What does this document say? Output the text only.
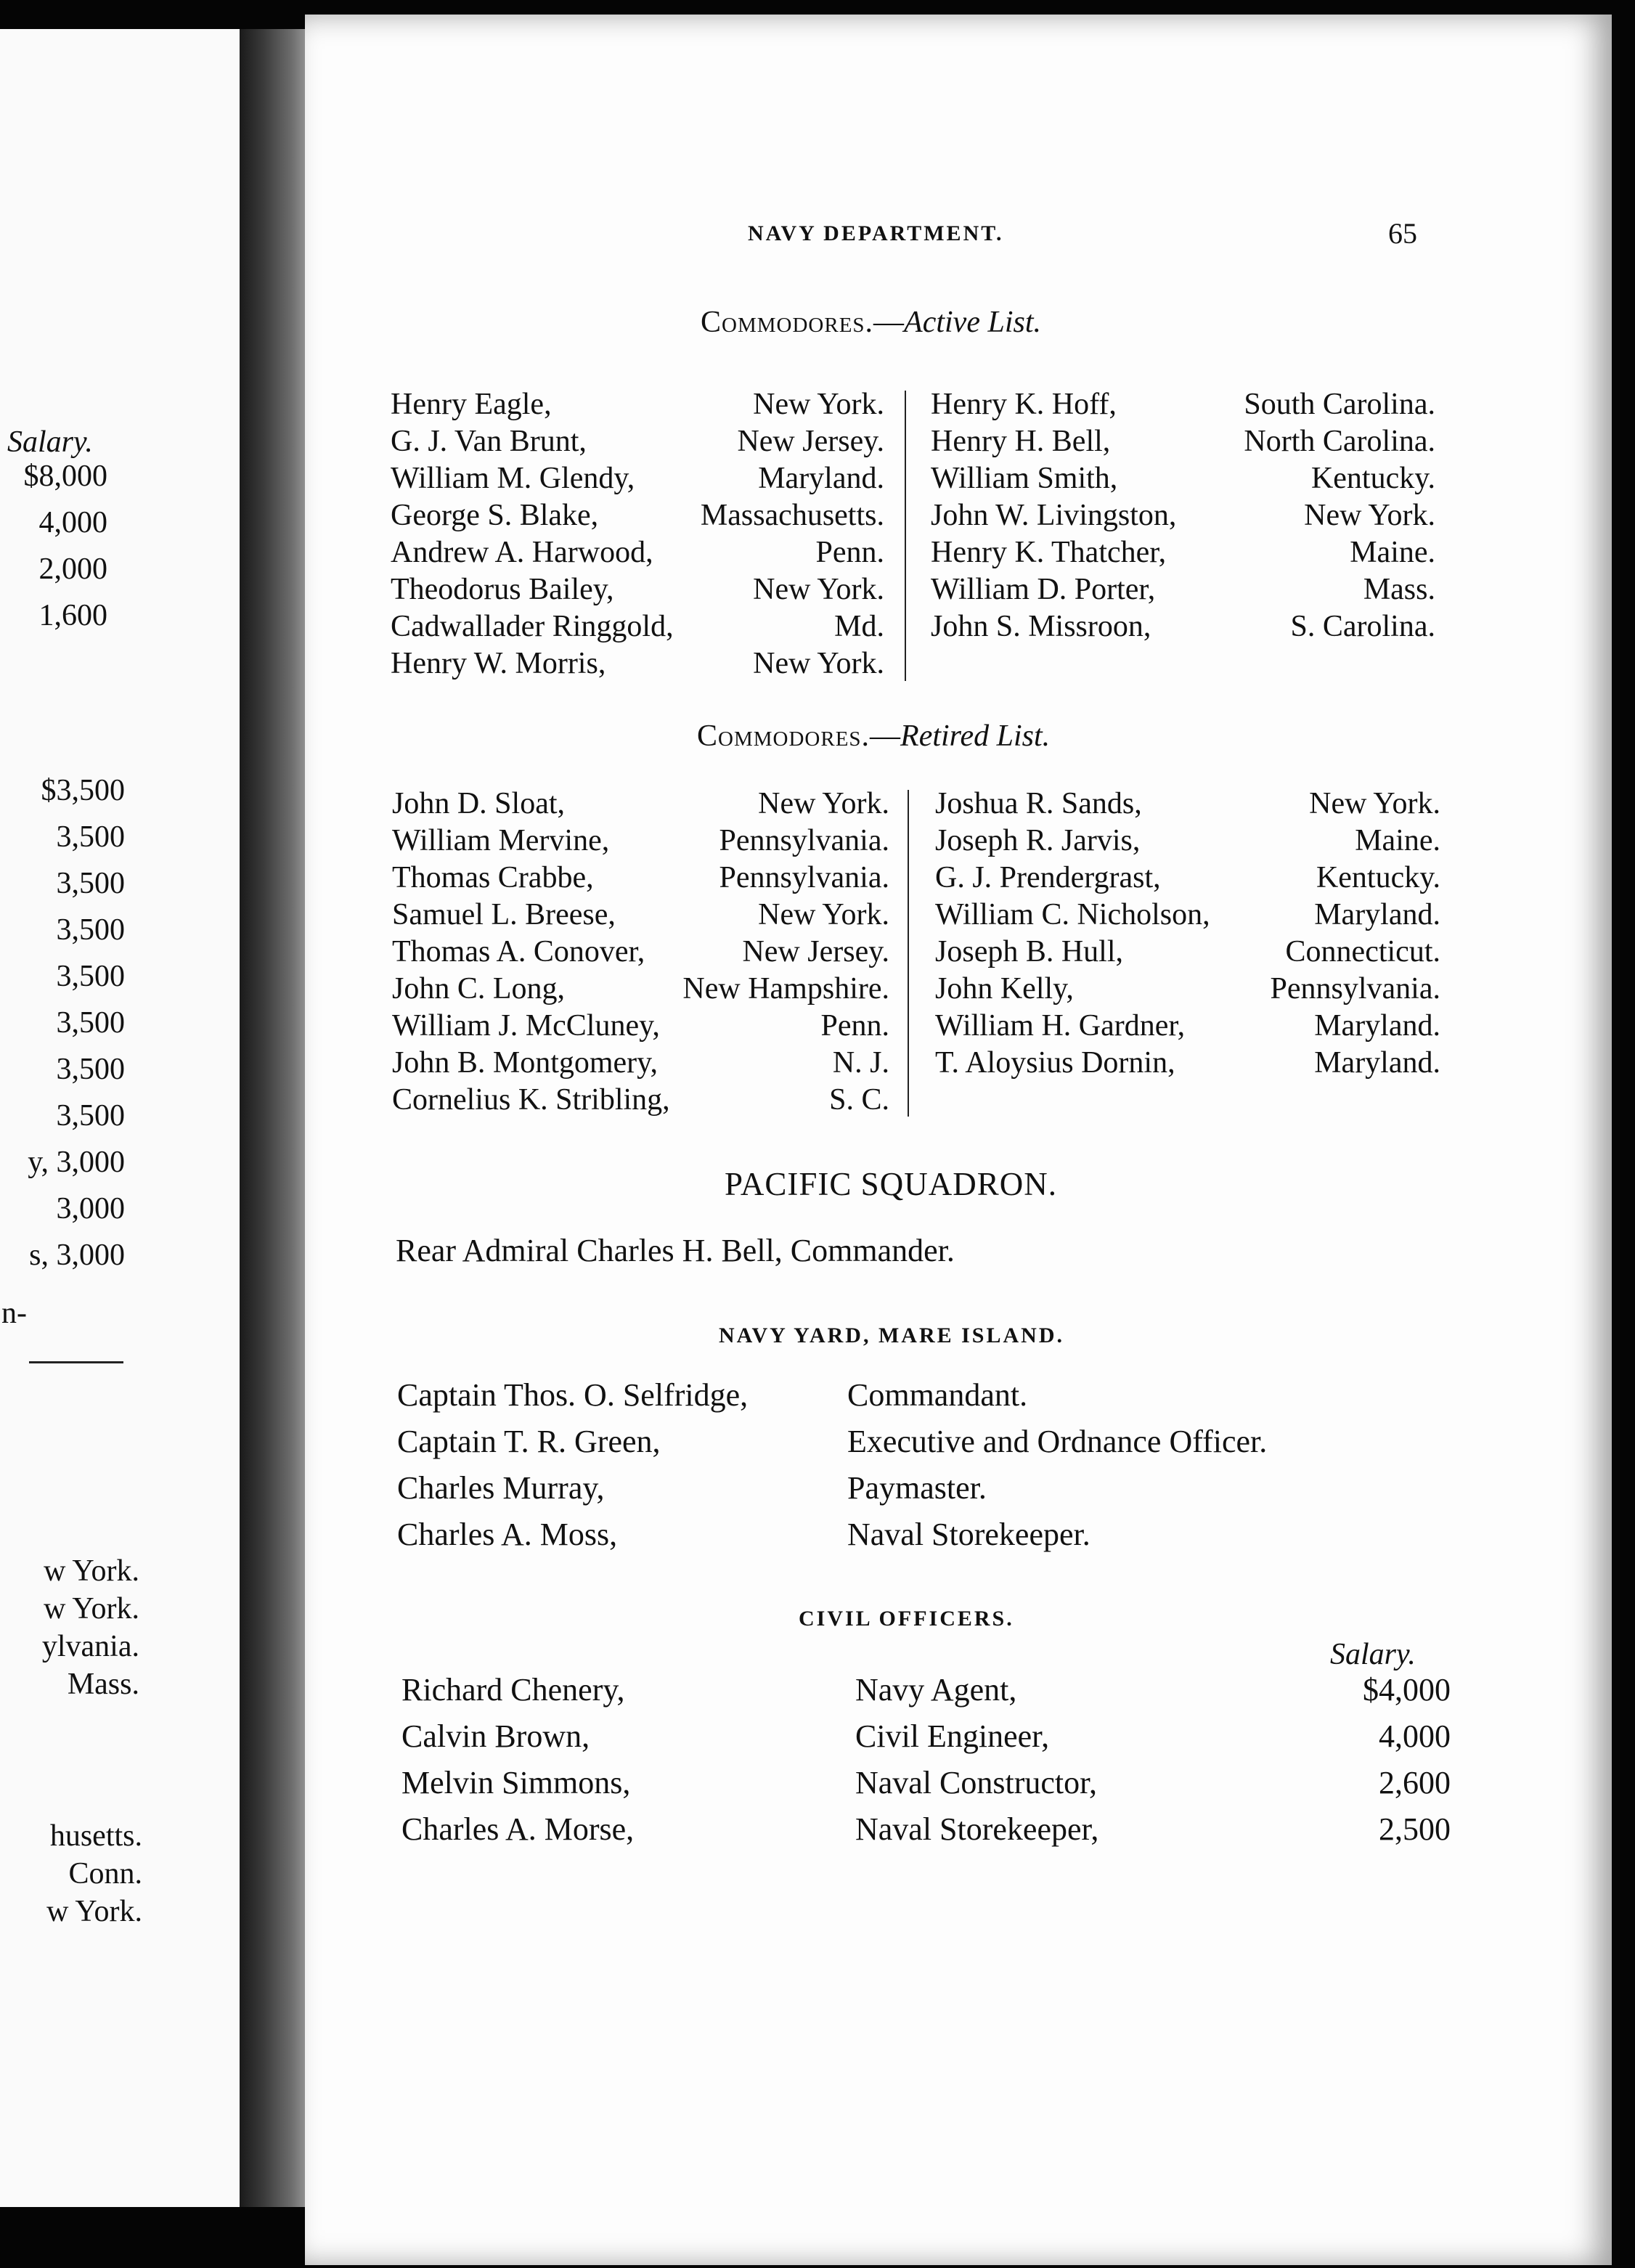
Salary.
$8,000
4,000
2,000
1,600
$3,500
3,500
3,500
3,500
3,500
3,500
3,500
3,500
y, 3,000
3,000
s, 3,000
n-
w York.
w York.
ylvania.
Mass.
husetts.
Conn.
w York.
NAVY DEPARTMENT.	65
Commodores.—Active List.
Henry Eagle,	New York.
G. J. Van Brunt,	New Jersey.
William M. Glendy,	Maryland.
George S. Blake,	Massachusetts.
Andrew A. Harwood,	Penn.
Theodorus Bailey,	New York.
Cadwallader Ringgold,	Md.
Henry W. Morris,	New York.
Henry K. Hoff,	South Carolina.
Henry H. Bell,	North Carolina.
William Smith,	Kentucky.
John W. Livingston,	New York.
Henry K. Thatcher,	Maine.
William D. Porter,	Mass.
John S. Missroon,	S. Carolina.
Commodores.—Retired List.
John D. Sloat,	New York.
William Mervine,	Pennsylvania.
Thomas Crabbe,	Pennsylvania.
Samuel L. Breese,	New York.
Thomas A. Conover,	New Jersey.
John C. Long,	New Hampshire.
William J. McCluney,	Penn.
John B. Montgomery,	N. J.
Cornelius K. Stribling,	S. C.
Joshua R. Sands,	New York.
Joseph R. Jarvis,	Maine.
G. J. Prendergrast,	Kentucky.
William C. Nicholson,	Maryland.
Joseph B. Hull,	Connecticut.
John Kelly,	Pennsylvania.
William H. Gardner,	Maryland.
T. Aloysius Dornin,	Maryland.
PACIFIC SQUADRON.
Rear Admiral Charles H. Bell, Commander.
NAVY YARD, MARE ISLAND.
Captain Thos. O. Selfridge,	Commandant.
Captain T. R. Green,	Executive and Ordnance Officer.
Charles Murray,	Paymaster.
Charles A. Moss,	Naval Storekeeper.
CIVIL OFFICERS.
Salary.
Richard Chenery,	Navy Agent,	$4,000
Calvin Brown,	Civil Engineer,	4,000
Melvin Simmons,	Naval Constructor,	2,600
Charles A. Morse,	Naval Storekeeper,	2,500
